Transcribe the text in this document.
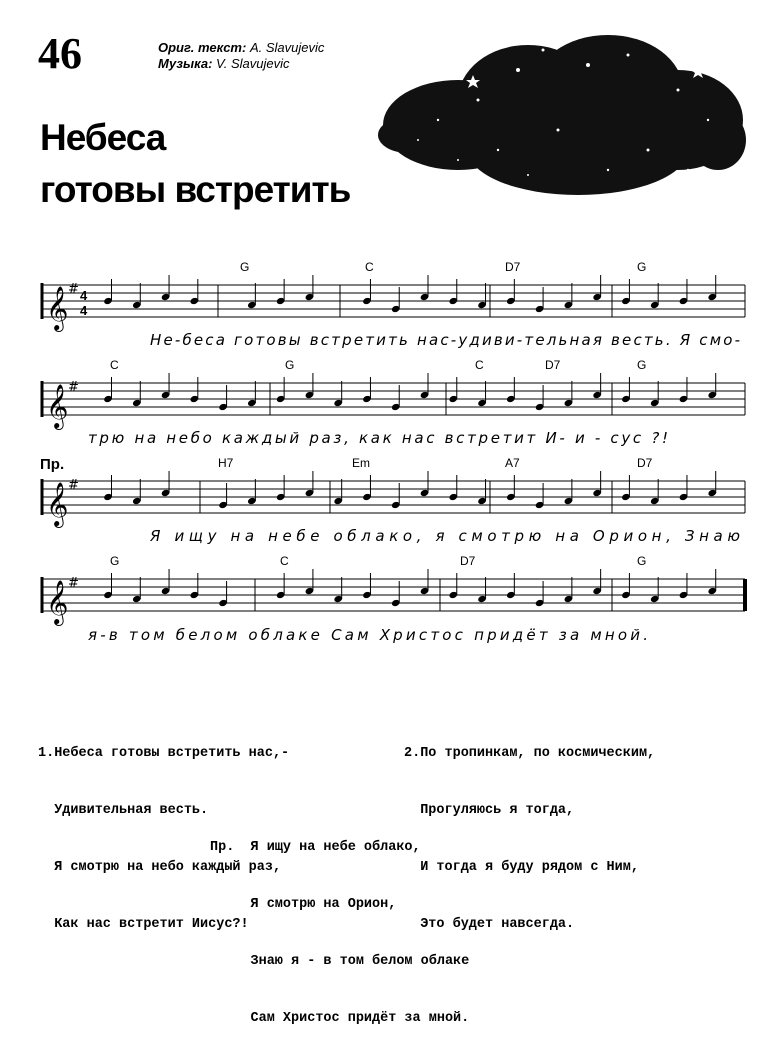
46	Ориг. текст: A. Slavujevic
Музыка: V. Slavujevic
Небеса
готовы встретить
𝄞 # 4
4
G	C	D7	G
Не-беса готовы встретить нас-удиви-тельная весть. Я смо-
𝄞 #
C	G	C	D7	G
трю на небо каждый раз, как нас встретит И- и - сус ?!
𝄞 #
H7	Em	A7	D7
Пр.
Я ищу на небе облако, я смотрю на Орион, Знаю
𝄞 #
G	C	D7	G
я-в том белом облаке Сам Христос придёт за мной.

1.Небеса готовы встретить нас,-

Удивительная весть.

Я смотрю на небо каждый раз,

Как нас встретит Иисус?!

2.По тропинкам, по космическим,

Прогуляюсь я тогда,

И тогда я буду рядом с Ним,

Это будет навсегда.

Пр.  Я ищу на небе облако,

Я смотрю на Орион,

Знаю я - в том белом облаке

Сам Христос придёт за мной.
